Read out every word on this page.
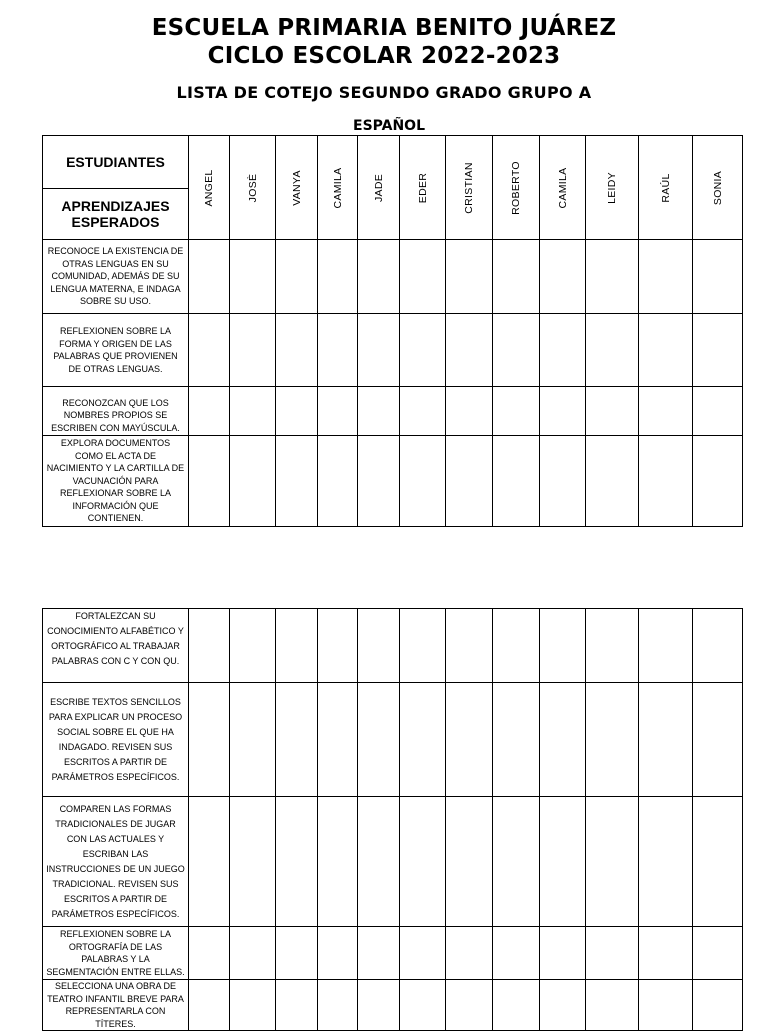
ESCUELA PRIMARIA BENITO JUÁREZ
CICLO ESCOLAR 2022-2023
LISTA DE COTEJO SEGUNDO GRADO GRUPO A
ESPAÑOL
ESTUDIANTES	ANGEL	JOSÈ	VANYA	CAMILA	JADE	EDER	CRISTIAN	ROBERTO	CAMILA	LEIDY	RAÚL	SONIA

APRENDIZAJES ESPERADOS												
RECONOCE LA EXISTENCIA DE OTRAS LENGUAS EN SU COMUNIDAD, ADEMÁS DE SU LENGUA MATERNA, E INDAGA SOBRE SU USO.												
REFLEXIONEN SOBRE LA FORMA Y ORIGEN DE LAS PALABRAS QUE PROVIENEN DE OTRAS LENGUAS.												
RECONOZCAN QUE LOS NOMBRES PROPIOS SE ESCRIBEN CON MAYÚSCULA.												
EXPLORA DOCUMENTOS COMO EL ACTA DE NACIMIENTO Y LA CARTILLA DE VACUNACIÓN PARA REFLEXIONAR SOBRE LA INFORMACIÓN QUE CONTIENEN.												
FORTALEZCAN SU CONOCIMIENTO ALFABÉTICO Y ORTOGRÁFICO AL TRABAJAR PALABRAS CON C Y CON QU.												
ESCRIBE TEXTOS SENCILLOS PARA EXPLICAR UN PROCESO SOCIAL SOBRE EL QUE HA INDAGADO. REVISEN SUS ESCRITOS A PARTIR DE PARÁMETROS ESPECÍFICOS.												
COMPAREN LAS FORMAS TRADICIONALES DE JUGAR CON LAS ACTUALES Y ESCRIBAN LAS INSTRUCCIONES DE UN JUEGO TRADICIONAL. REVISEN SUS ESCRITOS A PARTIR DE PARÁMETROS ESPECÍFICOS.												
REFLEXIONEN SOBRE LA ORTOGRAFÍA DE LAS PALABRAS Y LA SEGMENTACIÓN ENTRE ELLAS.												
SELECCIONA UNA OBRA DE TEATRO INFANTIL BREVE PARA REPRESENTARLA CON TÍTERES.												
